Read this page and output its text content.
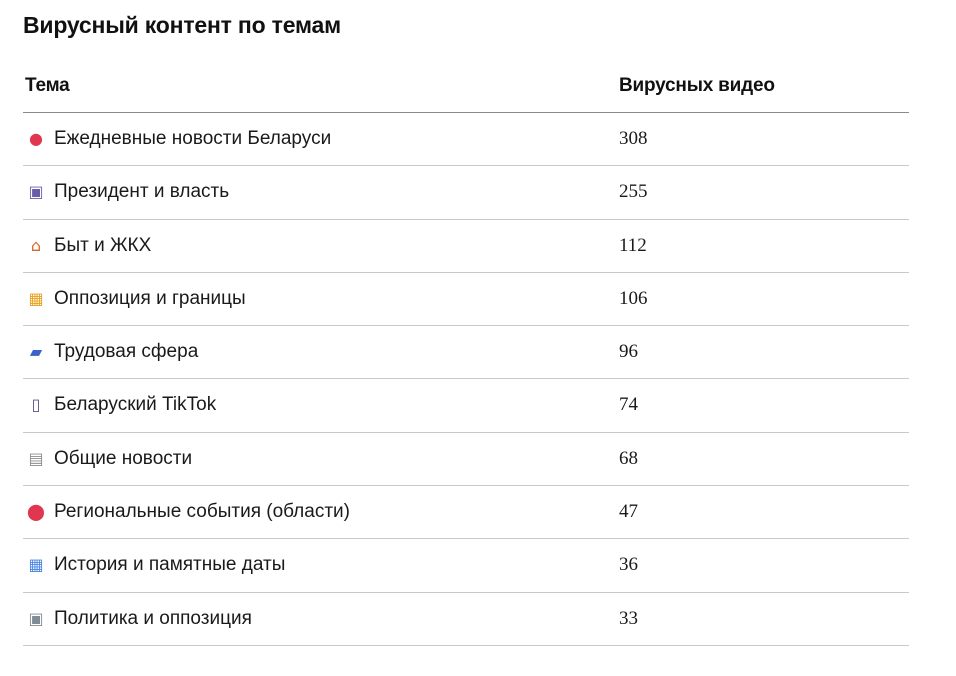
Вирусный контент по темам
Тема	Вирусных видео
● Ежедневные новости Беларуси	308
▣ Президент и власть	255
⌂ Быт и ЖКХ	112
▦ Оппозиция и границы	106
▰ Трудовая сфера	96
▯ Беларуский TikTok	74
▤ Общие новости	68
⬤ Региональные события (области)	47
▦ История и памятные даты	36
▣ Политика и оппозиция	33
